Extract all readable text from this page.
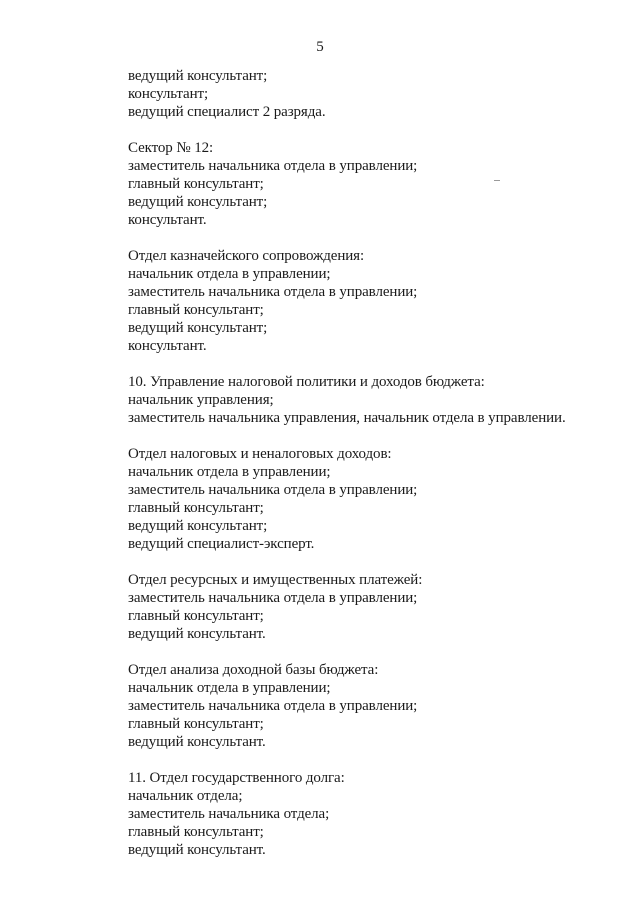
5
ведущий консультант;
консультант;
ведущий специалист 2 разряда.
Сектор № 12:
заместитель начальника отдела в управлении;
главный консультант;
ведущий консультант;
консультант.
Отдел казначейского сопровождения:
начальник отдела в управлении;
заместитель начальника отдела в управлении;
главный консультант;
ведущий консультант;
консультант.
10. Управление налоговой политики и доходов бюджета:
начальник управления;
заместитель начальника управления, начальник отдела в управлении.
Отдел налоговых и неналоговых доходов:
начальник отдела в управлении;
заместитель начальника отдела в управлении;
главный консультант;
ведущий консультант;
ведущий специалист-эксперт.
Отдел ресурсных и имущественных платежей:
заместитель начальника отдела в управлении;
главный консультант;
ведущий консультант.
Отдел анализа доходной базы бюджета:
начальник отдела в управлении;
заместитель начальника отдела в управлении;
главный консультант;
ведущий консультант.
11. Отдел государственного долга:
начальник отдела;
заместитель начальника отдела;
главный консультант;
ведущий консультант.
